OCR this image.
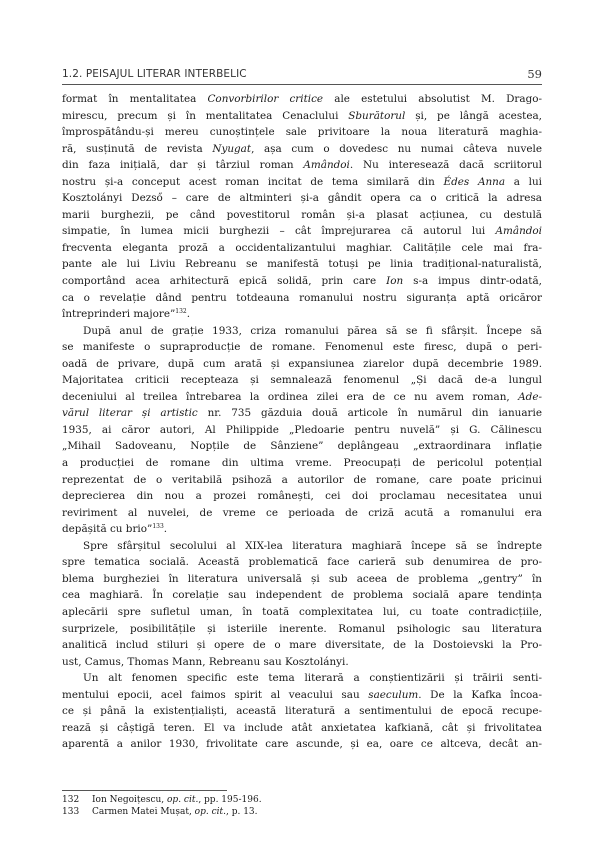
1.2. PEISAJUL LITERAR INTERBELIC	59
format în mentalitatea Convorbirilor critice ale estetului absolutist M. Drago-
mirescu, precum și în mentalitatea Cenaclului Sburătorul și, pe lângă acestea,
împrospătându-și mereu cunoștințele sale privitoare la noua literatură maghia-
ră, susținută de revista Nyugat, așa cum o dovedesc nu numai câteva nuvele
din faza inițială, dar și târziul roman Amândoi. Nu interesează dacă scriitorul
nostru și-a conceput acest roman incitat de tema similară din Édes Anna a lui
Kosztolányi Dezső – care de altminteri și-a gândit opera ca o critică la adresa
marii burghezii, pe când povestitorul român și-a plasat acțiunea, cu destulă
simpatie, în lumea micii burghezii – cât împrejurarea că autorul lui Amândoi
frecventa eleganta proză a occidentalizantului maghiar. Calitățile cele mai fra-
pante ale lui Liviu Rebreanu se manifestă totuși pe linia tradițional-naturalistă,
comportând acea arhitectură epică solidă, prin care Ion s-a impus dintr-odată,
ca o revelație dând pentru totdeauna romanului nostru siguranța aptă oricăror
întreprinderi majore”$^{132}$.
După anul de grație 1933, criza romanului părea să se fi sfârșit. Începe să
se manifeste o supraproducție de romane. Fenomenul este firesc, după o peri-
oadă de privare, după cum arată și expansiunea ziarelor după decembrie 1989.
Majoritatea criticii recepteaza și semnalează fenomenul „Și dacă de-a lungul
deceniului al treilea întrebarea la ordinea zilei era de ce nu avem roman, Ade-
vărul literar și artistic nr. 735 găzduia două articole în numărul din ianuarie
1935, ai căror autori, Al Philippide „Pledoarie pentru nuvelă” și G. Călinescu
„Mihail Sadoveanu, Nopțile de Sânziene” deplângeau „extraordinara inflație
a producției de romane din ultima vreme. Preocupați de pericolul potențial
reprezentat de o veritabilă psihoză a autorilor de romane, care poate pricinui
deprecierea din nou a prozei românești, cei doi proclamau necesitatea unui
reviriment al nuvelei, de vreme ce perioada de criză acută a romanului era
depășită cu brio”$^{133}$.
Spre sfârșitul secolului al XIX-lea literatura maghiară începe să se îndrepte
spre tematica socială. Această problematică face carieră sub denumirea de pro-
blema burgheziei în literatura universală și sub aceea de problema „gentry” în
cea maghiară. În corelație sau independent de problema socială apare tendința
aplecării spre sufletul uman, în toată complexitatea lui, cu toate contradicțiile,
surprizele, posibilitățile și isteriile inerente. Romanul psihologic sau literatura
analitică includ stiluri și opere de o mare diversitate, de la Dostoievski la Pro-
ust, Camus, Thomas Mann, Rebreanu sau Kosztolányi.
Un alt fenomen specific este tema literară a conștientizării și trăirii senti-
mentului epocii, acel faimos spirit al veacului sau saeculum. De la Kafka încoa-
ce și până la existențialiști, această literatură a sentimentului de epocă recupe-
rează și câștigă teren. El va include atât anxietatea kafkiană, cât și frivolitatea
aparentă a anilor 1930, frivolitate care ascunde, și ea, oare ce altceva, decât an-
132 Ion Negoițescu, op. cit., pp. 195-196.
133 Carmen Matei Mușat, op. cit., p. 13.
